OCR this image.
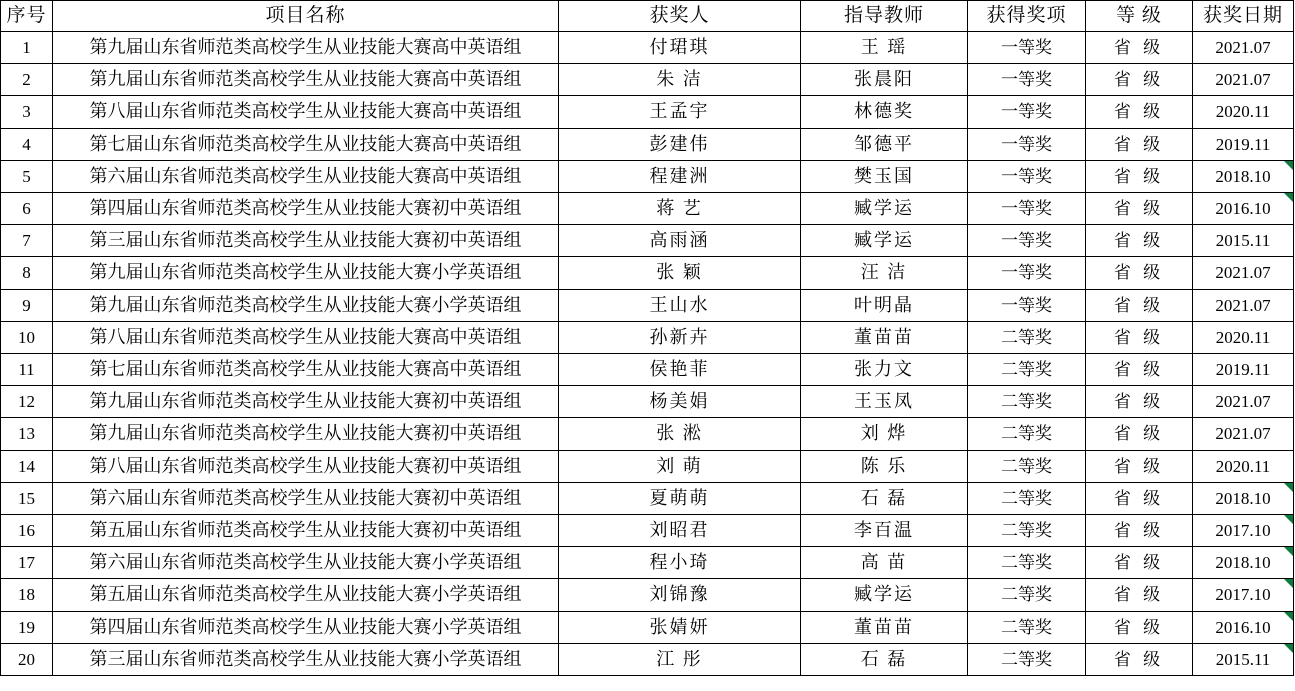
序号	项目名称	获奖人	指导教师	获得奖项	等 级	获奖日期
1	第九届山东省师范类高校学生从业技能大赛高中英语组	付珺琪	王 瑶	一等奖	省 级	2021.07
2	第九届山东省师范类高校学生从业技能大赛高中英语组	朱 洁	张晨阳	一等奖	省 级	2021.07
3	第八届山东省师范类高校学生从业技能大赛高中英语组	王孟宇	林德奖	一等奖	省 级	2020.11
4	第七届山东省师范类高校学生从业技能大赛高中英语组	彭建伟	邹德平	一等奖	省 级	2019.11
5	第六届山东省师范类高校学生从业技能大赛高中英语组	程建洲	樊玉国	一等奖	省 级	2018.10
6	第四届山东省师范类高校学生从业技能大赛初中英语组	蒋 艺	臧学运	一等奖	省 级	2016.10
7	第三届山东省师范类高校学生从业技能大赛初中英语组	高雨涵	臧学运	一等奖	省 级	2015.11
8	第九届山东省师范类高校学生从业技能大赛小学英语组	张 颖	汪 洁	一等奖	省 级	2021.07
9	第九届山东省师范类高校学生从业技能大赛小学英语组	王山水	叶明晶	一等奖	省 级	2021.07
10	第八届山东省师范类高校学生从业技能大赛高中英语组	孙新卉	董苗苗	二等奖	省 级	2020.11
11	第七届山东省师范类高校学生从业技能大赛高中英语组	侯艳菲	张力文	二等奖	省 级	2019.11
12	第九届山东省师范类高校学生从业技能大赛初中英语组	杨美娟	王玉凤	二等奖	省 级	2021.07
13	第九届山东省师范类高校学生从业技能大赛初中英语组	张 淞	刘 烨	二等奖	省 级	2021.07
14	第八届山东省师范类高校学生从业技能大赛初中英语组	刘 萌	陈 乐	二等奖	省 级	2020.11
15	第六届山东省师范类高校学生从业技能大赛初中英语组	夏萌萌	石 磊	二等奖	省 级	2018.10
16	第五届山东省师范类高校学生从业技能大赛初中英语组	刘昭君	李百温	二等奖	省 级	2017.10
17	第六届山东省师范类高校学生从业技能大赛小学英语组	程小琦	高 苗	二等奖	省 级	2018.10
18	第五届山东省师范类高校学生从业技能大赛小学英语组	刘锦豫	臧学运	二等奖	省 级	2017.10
19	第四届山东省师范类高校学生从业技能大赛小学英语组	张婧妍	董苗苗	二等奖	省 级	2016.10
20	第三届山东省师范类高校学生从业技能大赛小学英语组	江 彤	石 磊	二等奖	省 级	2015.11
